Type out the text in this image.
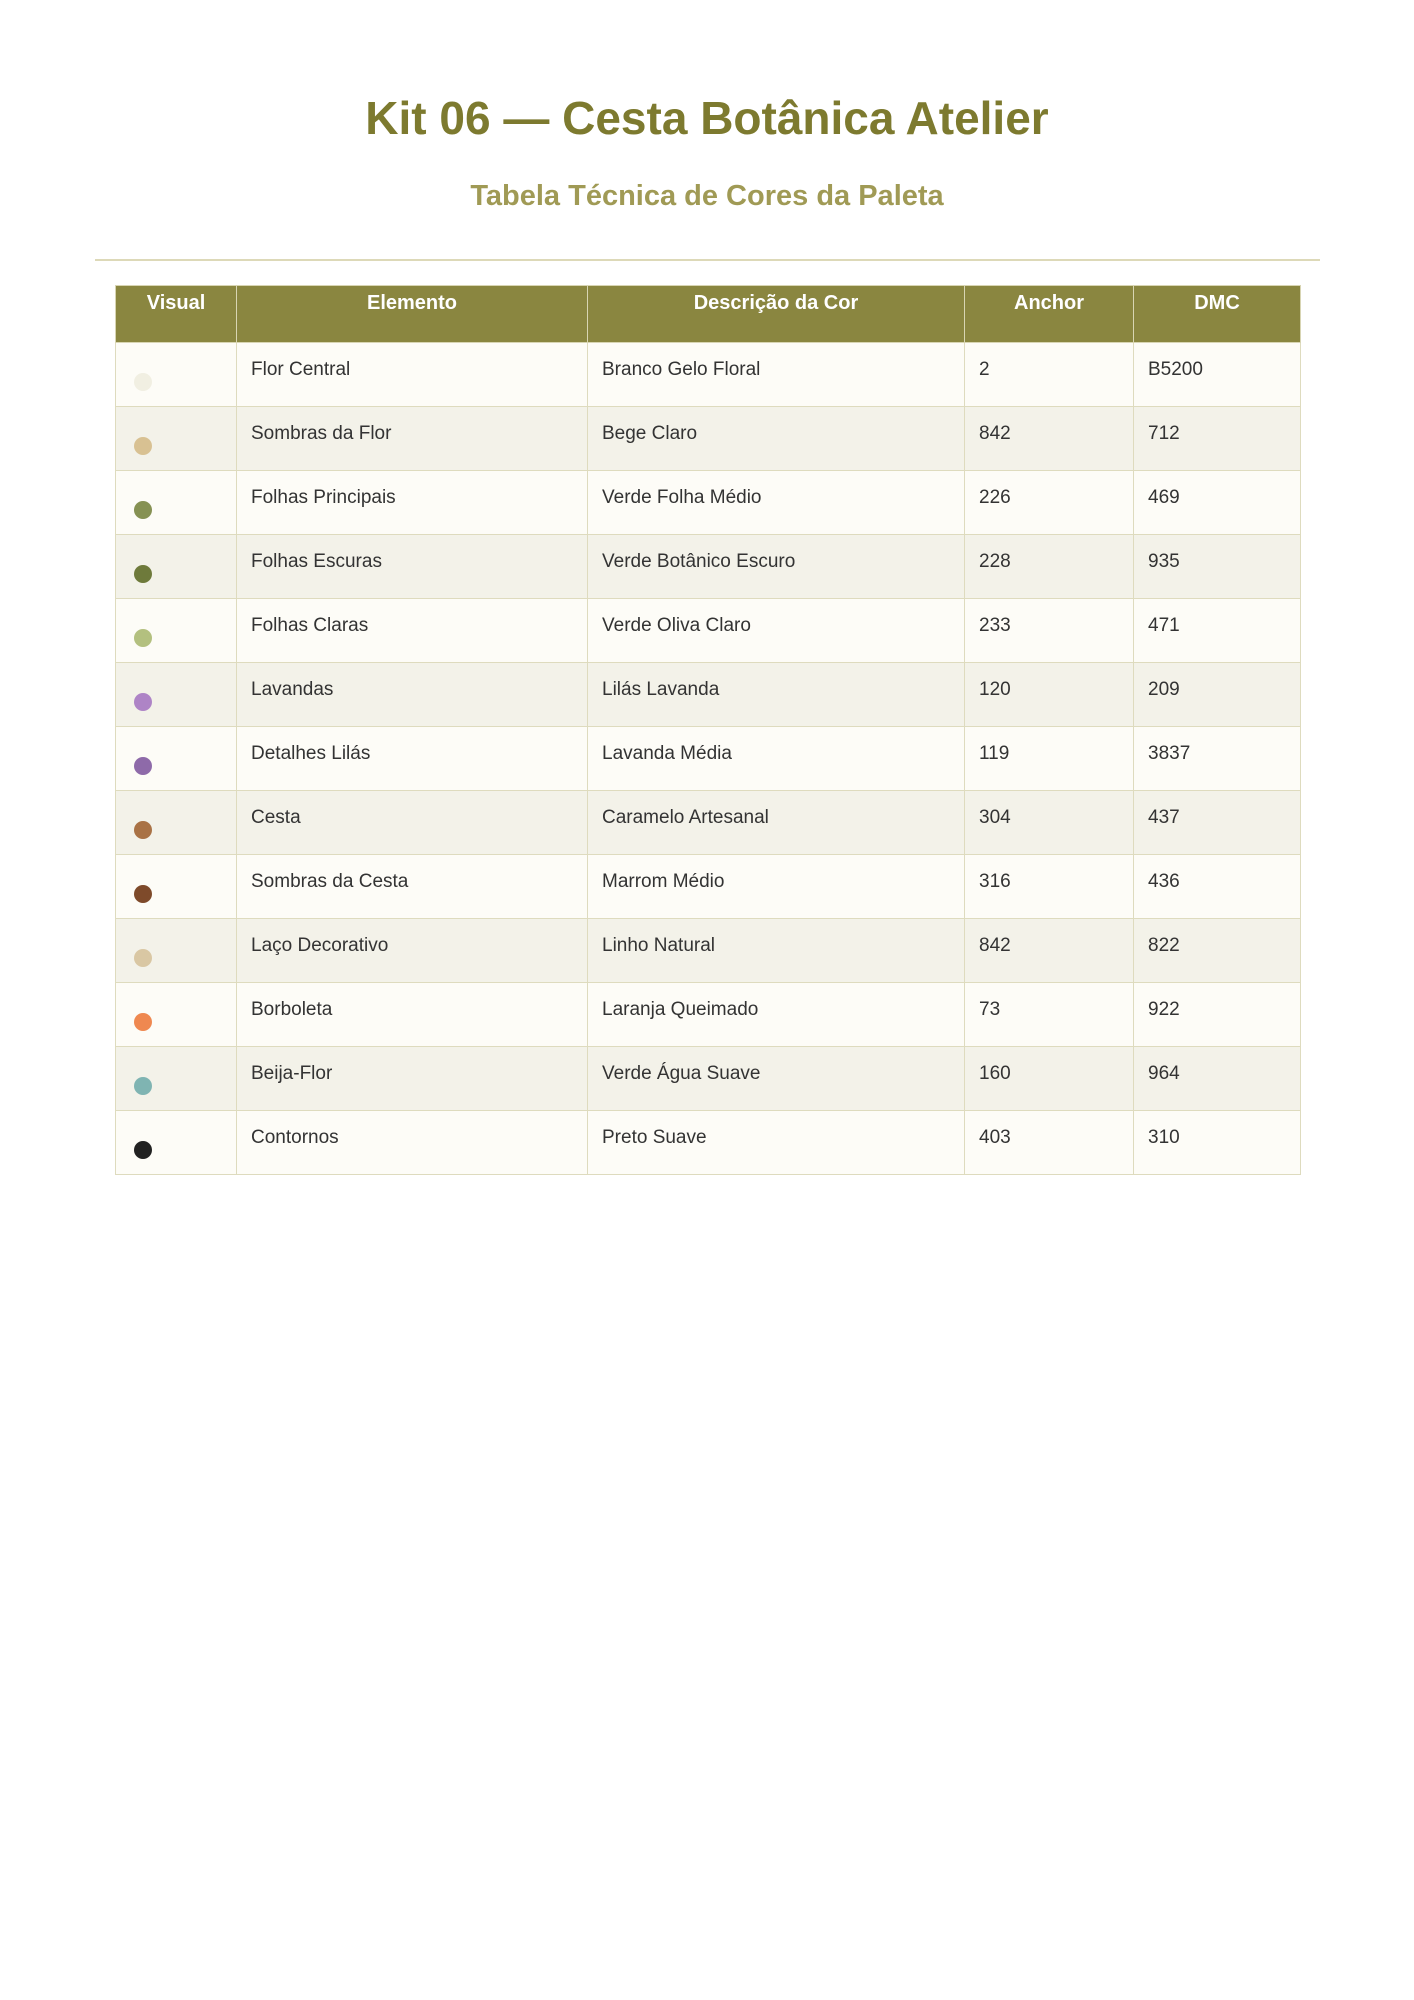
Kit 06 — Cesta Botânica Atelier
Tabela Técnica de Cores da Paleta
Visual	Elemento	Descrição da Cor	Anchor	DMC

	Flor Central	Branco Gelo Floral	2	B5200

	Sombras da Flor	Bege Claro	842	712

	Folhas Principais	Verde Folha Médio	226	469

	Folhas Escuras	Verde Botânico Escuro	228	935

	Folhas Claras	Verde Oliva Claro	233	471

	Lavandas	Lilás Lavanda	120	209

	Detalhes Lilás	Lavanda Média	119	3837

	Cesta	Caramelo Artesanal	304	437

	Sombras da Cesta	Marrom Médio	316	436

	Laço Decorativo	Linho Natural	842	822

	Borboleta	Laranja Queimado	73	922

	Beija-Flor	Verde Água Suave	160	964

	Contornos	Preto Suave	403	310
